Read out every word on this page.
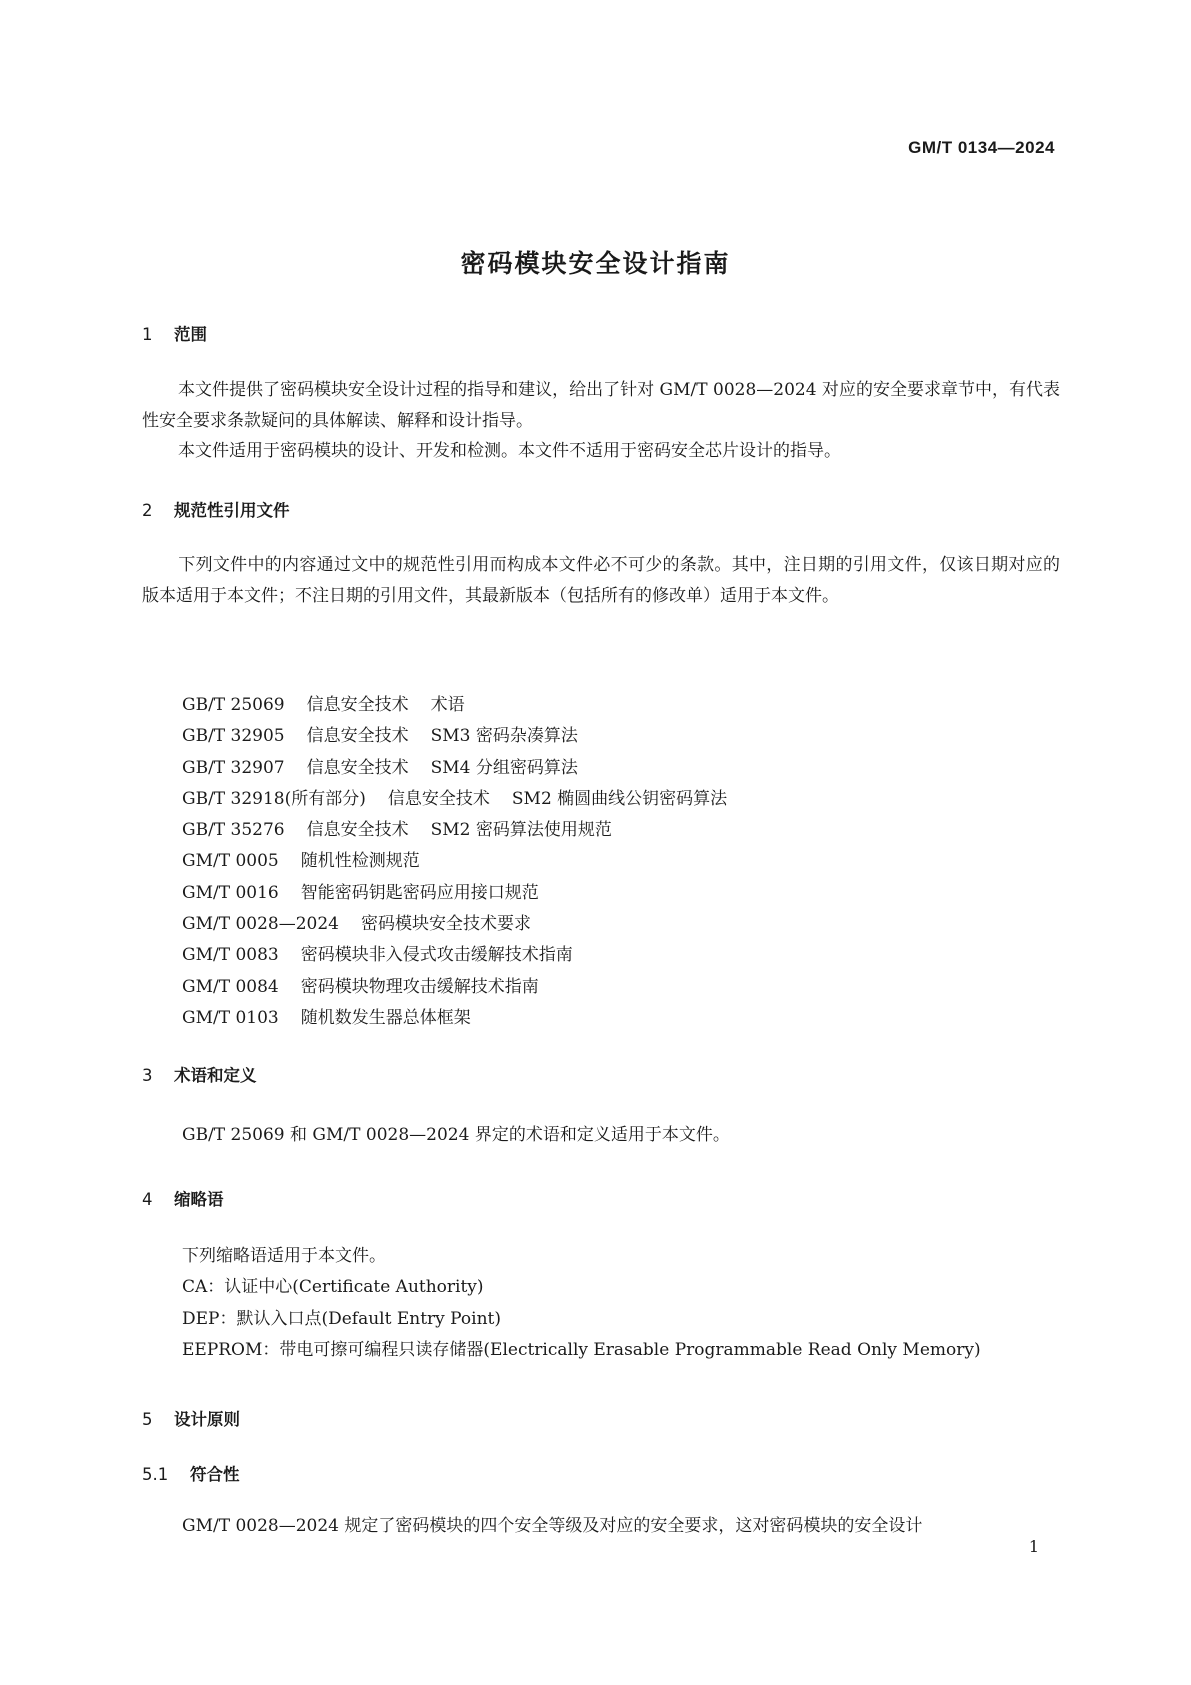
GM/T 0134—2024
密码模块安全设计指南
1 范围
本文件提供了密码模块安全设计过程的指导和建议，给出了针对 GM/T 0028—2024 对应的安全要求章节中，有代表性安全要求条款疑问的具体解读、解释和设计指导。
本文件适用于密码模块的设计、开发和检测。本文件不适用于密码安全芯片设计的指导。
2 规范性引用文件
下列文件中的内容通过文中的规范性引用而构成本文件必不可少的条款。其中，注日期的引用文件，仅该日期对应的版本适用于本文件；不注日期的引用文件，其最新版本（包括所有的修改单）适用于本文件。
GB/T 25069 信息安全技术 术语
GB/T 32905 信息安全技术 SM3 密码杂凑算法
GB/T 32907 信息安全技术 SM4 分组密码算法
GB/T 32918(所有部分) 信息安全技术 SM2 椭圆曲线公钥密码算法
GB/T 35276 信息安全技术 SM2 密码算法使用规范
GM/T 0005 随机性检测规范
GM/T 0016 智能密码钥匙密码应用接口规范
GM/T 0028—2024 密码模块安全技术要求
GM/T 0083 密码模块非入侵式攻击缓解技术指南
GM/T 0084 密码模块物理攻击缓解技术指南
GM/T 0103 随机数发生器总体框架
3 术语和定义
GB/T 25069 和 GM/T 0028—2024 界定的术语和定义适用于本文件。
4 缩略语
下列缩略语适用于本文件。
CA：认证中心(Certificate Authority)
DEP：默认入口点(Default Entry Point)
EEPROM：带电可擦可编程只读存储器(Electrically Erasable Programmable Read Only Memory)
5 设计原则
5.1 符合性
GM/T 0028—2024 规定了密码模块的四个安全等级及对应的安全要求，这对密码模块的安全设计
1
